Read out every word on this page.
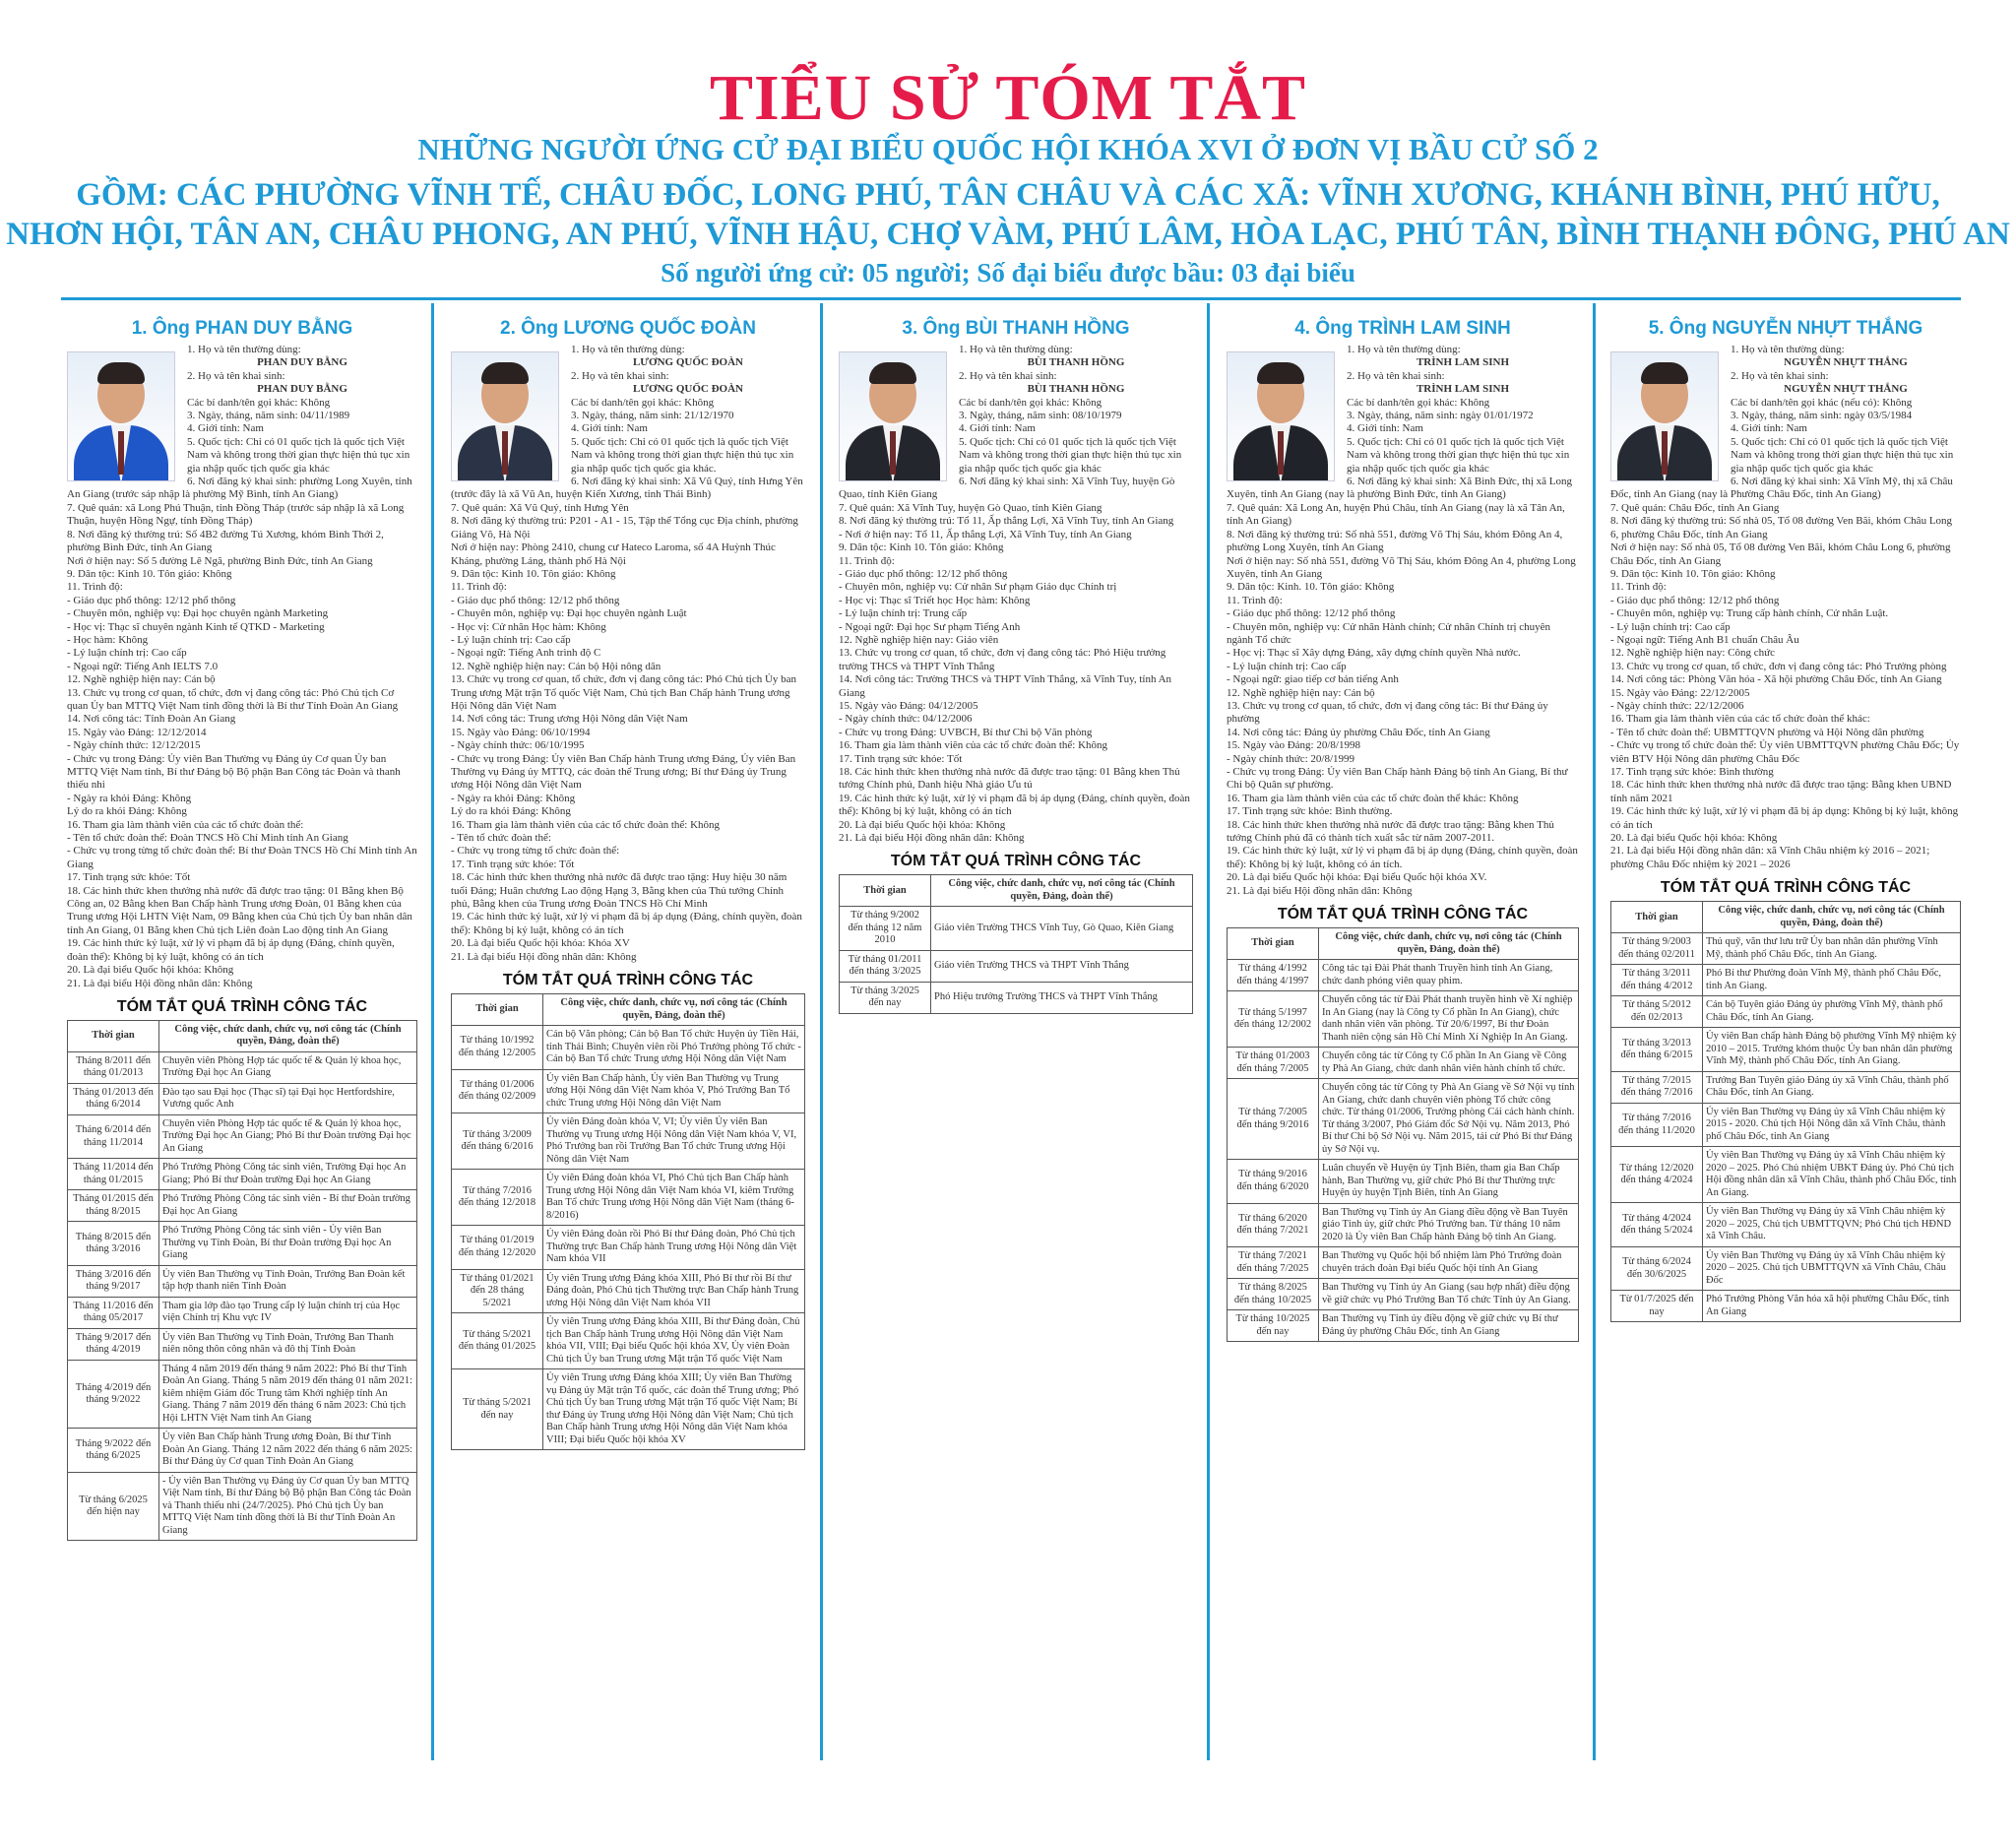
TIỂU SỬ TÓM TẮT
NHỮNG NGƯỜI ỨNG CỬ ĐẠI BIỂU QUỐC HỘI KHÓA XVI Ở ĐƠN VỊ BẦU CỬ SỐ 2
GỒM: CÁC PHƯỜNG VĨNH TẾ, CHÂU ĐỐC, LONG PHÚ, TÂN CHÂU VÀ CÁC XÃ: VĨNH XƯƠNG, KHÁNH BÌNH, PHÚ HỮU,
NHƠN HỘI, TÂN AN, CHÂU PHONG, AN PHÚ, VĨNH HẬU, CHỢ VÀM, PHÚ LÂM, HÒA LẠC, PHÚ TÂN, BÌNH THẠNH ĐÔNG, PHÚ AN
Số người ứng cử: 05 người; Số đại biểu được bầu: 03 đại biểu
1. Ông PHAN DUY BẰNG

1. Họ và tên thường dùng:

PHAN DUY BẰNG

2. Họ và tên khai sinh:

PHAN DUY BẰNG

Các bí danh/tên gọi khác: Không

3. Ngày, tháng, năm sinh: 04/11/1989

4. Giới tính: Nam

5. Quốc tịch: Chỉ có 01 quốc tịch là quốc tịch Việt Nam và không trong thời gian thực hiện thủ tục xin gia nhập quốc tịch quốc gia khác

6. Nơi đăng ký khai sinh: phường Long Xuyên, tỉnh An Giang (trước sáp nhập là phường Mỹ Bình, tỉnh An Giang)

7. Quê quán: xã Long Phú Thuận, tỉnh Đồng Tháp (trước sáp nhập là xã Long Thuận, huyện Hồng Ngự, tỉnh Đồng Tháp)

8. Nơi đăng ký thường trú: Số 4B2 đường Tú Xương, khóm Bình Thới 2, phường Bình Đức, tỉnh An Giang

Nơi ở hiện nay: Số 5 đường Lê Ngã, phường Bình Đức, tỉnh An Giang

9. Dân tộc: Kinh 10. Tôn giáo: Không

11. Trình độ:

- Giáo dục phổ thông: 12/12 phổ thông

- Chuyên môn, nghiệp vụ: Đại học chuyên ngành Marketing

- Học vị: Thạc sĩ chuyên ngành Kinh tế QTKD - Marketing

- Học hàm: Không

- Lý luận chính trị: Cao cấp

- Ngoại ngữ: Tiếng Anh IELTS 7.0

12. Nghề nghiệp hiện nay: Cán bộ

13. Chức vụ trong cơ quan, tổ chức, đơn vị đang công tác: Phó Chủ tịch Cơ quan Ủy ban MTTQ Việt Nam tỉnh đồng thời là Bí thư Tỉnh Đoàn An Giang

14. Nơi công tác: Tỉnh Đoàn An Giang

15. Ngày vào Đảng: 12/12/2014

- Ngày chính thức: 12/12/2015

- Chức vụ trong Đảng: Ủy viên Ban Thường vụ Đảng ủy Cơ quan Ủy ban MTTQ Việt Nam tỉnh, Bí thư Đảng bộ Bộ phận Ban Công tác Đoàn và thanh thiếu nhi

- Ngày ra khỏi Đảng: Không

Lý do ra khỏi Đảng: Không

16. Tham gia làm thành viên của các tổ chức đoàn thể:

- Tên tổ chức đoàn thể: Đoàn TNCS Hồ Chí Minh tỉnh An Giang

- Chức vụ trong từng tổ chức đoàn thể: Bí thư Đoàn TNCS Hồ Chí Minh tỉnh An Giang

17. Tình trạng sức khỏe: Tốt

18. Các hình thức khen thưởng nhà nước đã được trao tặng: 01 Bằng khen Bộ Công an, 02 Bằng khen Ban Chấp hành Trung ương Đoàn, 01 Bằng khen của Trung ương Hội LHTN Việt Nam, 09 Bằng khen của Chủ tịch Ủy ban nhân dân tỉnh An Giang, 01 Bằng khen Chủ tịch Liên đoàn Lao động tỉnh An Giang

19. Các hình thức kỷ luật, xử lý vi phạm đã bị áp dụng (Đảng, chính quyền, đoàn thể): Không bị kỷ luật, không có án tích

20. Là đại biểu Quốc hội khóa: Không

21. Là đại biểu Hội đồng nhân dân: Không

TÓM TẮT QUÁ TRÌNH CÔNG TÁC
Thời gian	Công việc, chức danh, chức vụ, nơi công tác (Chính quyền, Đảng, đoàn thể)
Tháng 8/2011 đến tháng 01/2013	Chuyên viên Phòng Hợp tác quốc tế & Quản lý khoa học, Trường Đại học An Giang
Tháng 01/2013 đến tháng 6/2014	Đào tạo sau Đại học (Thạc sĩ) tại Đại học Hertfordshire, Vương quốc Anh
Tháng 6/2014 đến tháng 11/2014	Chuyên viên Phòng Hợp tác quốc tế & Quản lý khoa học, Trường Đại học An Giang; Phó Bí thư Đoàn trường Đại học An Giang
Tháng 11/2014 đến tháng 01/2015	Phó Trưởng Phòng Công tác sinh viên, Trường Đại học An Giang; Phó Bí thư Đoàn trường Đại học An Giang
Tháng 01/2015 đến tháng 8/2015	Phó Trưởng Phòng Công tác sinh viên - Bí thư Đoàn trường Đại học An Giang
Tháng 8/2015 đến tháng 3/2016	Phó Trưởng Phòng Công tác sinh viên - Ủy viên Ban Thường vụ Tỉnh Đoàn, Bí thư Đoàn trường Đại học An Giang
Tháng 3/2016 đến tháng 9/2017	Ủy viên Ban Thường vụ Tỉnh Đoàn, Trưởng Ban Đoàn kết tập hợp thanh niên Tỉnh Đoàn
Tháng 11/2016 đến tháng 05/2017	Tham gia lớp đào tạo Trung cấp lý luận chính trị của Học viện Chính trị Khu vực IV
Tháng 9/2017 đến tháng 4/2019	Ủy viên Ban Thường vụ Tỉnh Đoàn, Trưởng Ban Thanh niên nông thôn công nhân và đô thị Tỉnh Đoàn
Tháng 4/2019 đến tháng 9/2022	Tháng 4 năm 2019 đến tháng 9 năm 2022: Phó Bí thư Tỉnh Đoàn An Giang. Tháng 5 năm 2019 đến tháng 01 năm 2021: kiêm nhiệm Giám đốc Trung tâm Khởi nghiệp tỉnh An Giang. Tháng 7 năm 2019 đến tháng 6 năm 2023: Chủ tịch Hội LHTN Việt Nam tỉnh An Giang
Tháng 9/2022 đến tháng 6/2025	Ủy viên Ban Chấp hành Trung ương Đoàn, Bí thư Tỉnh Đoàn An Giang. Tháng 12 năm 2022 đến tháng 6 năm 2025: Bí thư Đảng ủy Cơ quan Tỉnh Đoàn An Giang
Từ tháng 6/2025 đến hiện nay	- Ủy viên Ban Thường vụ Đảng ủy Cơ quan Ủy ban MTTQ Việt Nam tỉnh, Bí thư Đảng bộ Bộ phận Ban Công tác Đoàn và Thanh thiếu nhi (24/7/2025). Phó Chủ tịch Ủy ban MTTQ Việt Nam tỉnh đồng thời là Bí thư Tỉnh Đoàn An Giang
2. Ông LƯƠNG QUỐC ĐOÀN

1. Họ và tên thường dùng:

LƯƠNG QUỐC ĐOÀN

2. Họ và tên khai sinh:

LƯƠNG QUỐC ĐOÀN

Các bí danh/tên gọi khác: Không

3. Ngày, tháng, năm sinh: 21/12/1970

4. Giới tính: Nam

5. Quốc tịch: Chỉ có 01 quốc tịch là quốc tịch Việt Nam và không trong thời gian thực hiện thủ tục xin gia nhập quốc tịch quốc gia khác.

6. Nơi đăng ký khai sinh: Xã Vũ Quý, tỉnh Hưng Yên (trước đây là xã Vũ An, huyện Kiến Xương, tỉnh Thái Bình)

7. Quê quán: Xã Vũ Quý, tỉnh Hưng Yên

8. Nơi đăng ký thường trú: P201 - A1 - 15, Tập thể Tổng cục Địa chính, phường Giảng Võ, Hà Nội

Nơi ở hiện nay: Phòng 2410, chung cư Hateco Laroma, số 4A Huỳnh Thúc Kháng, phường Láng, thành phố Hà Nội

9. Dân tộc: Kinh 10. Tôn giáo: Không

11. Trình độ:

- Giáo dục phổ thông: 12/12 phổ thông

- Chuyên môn, nghiệp vụ: Đại học chuyên ngành Luật

- Học vị: Cử nhân Học hàm: Không

- Lý luận chính trị: Cao cấp

- Ngoại ngữ: Tiếng Anh trình độ C

12. Nghề nghiệp hiện nay: Cán bộ Hội nông dân

13. Chức vụ trong cơ quan, tổ chức, đơn vị đang công tác: Phó Chủ tịch Ủy ban Trung ương Mặt trận Tổ quốc Việt Nam, Chủ tịch Ban Chấp hành Trung ương Hội Nông dân Việt Nam

14. Nơi công tác: Trung ương Hội Nông dân Việt Nam

15. Ngày vào Đảng: 06/10/1994

- Ngày chính thức: 06/10/1995

- Chức vụ trong Đảng: Ủy viên Ban Chấp hành Trung ương Đảng, Ủy viên Ban Thường vụ Đảng ủy MTTQ, các đoàn thể Trung ương; Bí thư Đảng ủy Trung ương Hội Nông dân Việt Nam

- Ngày ra khỏi Đảng: Không

Lý do ra khỏi Đảng: Không

16. Tham gia làm thành viên của các tổ chức đoàn thể: Không

- Tên tổ chức đoàn thể:

- Chức vụ trong từng tổ chức đoàn thể:

17. Tình trạng sức khỏe: Tốt

18. Các hình thức khen thưởng nhà nước đã được trao tặng: Huy hiệu 30 năm tuổi Đảng; Huân chương Lao động Hạng 3, Bằng khen của Thủ tướng Chính phủ, Bằng khen của Trung ương Đoàn TNCS Hồ Chí Minh

19. Các hình thức kỷ luật, xử lý vi phạm đã bị áp dụng (Đảng, chính quyền, đoàn thể): Không bị kỷ luật, không có án tích

20. Là đại biểu Quốc hội khóa: Khóa XV

21. Là đại biểu Hội đồng nhân dân: Không

TÓM TẮT QUÁ TRÌNH CÔNG TÁC
Thời gian	Công việc, chức danh, chức vụ, nơi công tác (Chính quyền, Đảng, đoàn thể)
Từ tháng 10/1992 đến tháng 12/2005	Cán bộ Văn phòng; Cán bộ Ban Tổ chức Huyện ủy Tiền Hải, tỉnh Thái Bình; Chuyên viên rồi Phó Trưởng phòng Tổ chức - Cán bộ Ban Tổ chức Trung ương Hội Nông dân Việt Nam
Từ tháng 01/2006 đến tháng 02/2009	Ủy viên Ban Chấp hành, Ủy viên Ban Thường vụ Trung ương Hội Nông dân Việt Nam khóa V, Phó Trưởng Ban Tổ chức Trung ương Hội Nông dân Việt Nam
Từ tháng 3/2009 đến tháng 6/2016	Ủy viên Đảng đoàn khóa V, VI; Ủy viên Ủy viên Ban Thường vụ Trung ương Hội Nông dân Việt Nam khóa V, VI, Phó Trưởng ban rồi Trưởng Ban Tổ chức Trung ương Hội Nông dân Việt Nam
Từ tháng 7/2016 đến tháng 12/2018	Ủy viên Đảng đoàn khóa VI, Phó Chủ tịch Ban Chấp hành Trung ương Hội Nông dân Việt Nam khóa VI, kiêm Trưởng Ban Tổ chức Trung ương Hội Nông dân Việt Nam (tháng 6-8/2016)
Từ tháng 01/2019 đến tháng 12/2020	Ủy viên Đảng đoàn rồi Phó Bí thư Đảng đoàn, Phó Chủ tịch Thường trực Ban Chấp hành Trung ương Hội Nông dân Việt Nam khóa VII
Từ tháng 01/2021 đến 28 tháng 5/2021	Ủy viên Trung ương Đảng khóa XIII, Phó Bí thư rồi Bí thư Đảng đoàn, Phó Chủ tịch Thường trực Ban Chấp hành Trung ương Hội Nông dân Việt Nam khóa VII
Từ tháng 5/2021 đến tháng 01/2025	Ủy viên Trung ương Đảng khóa XIII, Bí thư Đảng đoàn, Chủ tịch Ban Chấp hành Trung ương Hội Nông dân Việt Nam khóa VII, VIII; Đại biểu Quốc hội khóa XV, Ủy viên Đoàn Chủ tịch Ủy ban Trung ương Mặt trận Tổ quốc Việt Nam
Từ tháng 5/2021 đến nay	Ủy viên Trung ương Đảng khóa XIII; Ủy viên Ban Thường vụ Đảng ủy Mặt trận Tổ quốc, các đoàn thể Trung ương; Phó Chủ tịch Ủy ban Trung ương Mặt trận Tổ quốc Việt Nam; Bí thư Đảng ủy Trung ương Hội Nông dân Việt Nam; Chủ tịch Ban Chấp hành Trung ương Hội Nông dân Việt Nam khóa VIII; Đại biểu Quốc hội khóa XV
3. Ông BÙI THANH HỒNG

1. Họ và tên thường dùng:

BÙI THANH HỒNG

2. Họ và tên khai sinh:

BÙI THANH HỒNG

Các bí danh/tên gọi khác: Không

3. Ngày, tháng, năm sinh: 08/10/1979

4. Giới tính: Nam

5. Quốc tịch: Chỉ có 01 quốc tịch là quốc tịch Việt Nam và không trong thời gian thực hiện thủ tục xin gia nhập quốc tịch quốc gia khác

6. Nơi đăng ký khai sinh: Xã Vĩnh Tuy, huyện Gò Quao, tỉnh Kiên Giang

7. Quê quán: Xã Vĩnh Tuy, huyện Gò Quao, tỉnh Kiên Giang

8. Nơi đăng ký thường trú: Tổ 11, Ấp thắng Lợi, Xã Vĩnh Tuy, tỉnh An Giang

- Nơi ở hiện nay: Tổ 11, Ấp thắng Lợi, Xã Vĩnh Tuy, tỉnh An Giang

9. Dân tộc: Kinh 10. Tôn giáo: Không

11. Trình độ:

- Giáo dục phổ thông: 12/12 phổ thông

- Chuyên môn, nghiệp vụ: Cử nhân Sư phạm Giáo dục Chính trị

- Học vị: Thạc sĩ Triết học Học hàm: Không

- Lý luận chính trị: Trung cấp

- Ngoại ngữ: Đại học Sư phạm Tiếng Anh

12. Nghề nghiệp hiện nay: Giáo viên

13. Chức vụ trong cơ quan, tổ chức, đơn vị đang công tác: Phó Hiệu trưởng trường THCS và THPT Vĩnh Thắng

14. Nơi công tác: Trường THCS và THPT Vĩnh Thắng, xã Vĩnh Tuy, tỉnh An Giang

15. Ngày vào Đảng: 04/12/2005

- Ngày chính thức: 04/12/2006

- Chức vụ trong Đảng: UVBCH, Bí thư Chi bộ Văn phòng

16. Tham gia làm thành viên của các tổ chức đoàn thể: Không

17. Tình trạng sức khỏe: Tốt

18. Các hình thức khen thưởng nhà nước đã được trao tặng: 01 Bằng khen Thủ tướng Chính phủ, Danh hiệu Nhà giáo Ưu tú

19. Các hình thức kỷ luật, xử lý vi phạm đã bị áp dụng (Đảng, chính quyền, đoàn thể): Không bị kỷ luật, không có án tích

20. Là đại biểu Quốc hội khóa: Không

21. Là đại biểu Hội đồng nhân dân: Không

TÓM TẮT QUÁ TRÌNH CÔNG TÁC
Thời gian	Công việc, chức danh, chức vụ, nơi công tác (Chính quyền, Đảng, đoàn thể)
Từ tháng 9/2002 đến tháng 12 năm 2010	Giáo viên Trường THCS Vĩnh Tuy, Gò Quao, Kiên Giang
Từ tháng 01/2011 đến tháng 3/2025	Giáo viên Trường THCS và THPT Vĩnh Thắng
Từ tháng 3/2025 đến nay	Phó Hiệu trưởng Trường THCS và THPT Vĩnh Thắng
4. Ông TRÌNH LAM SINH

1. Họ và tên thường dùng:

TRÌNH LAM SINH

2. Họ và tên khai sinh:

TRÌNH LAM SINH

Các bí danh/tên gọi khác: Không

3. Ngày, tháng, năm sinh: ngày 01/01/1972

4. Giới tính: Nam

5. Quốc tịch: Chỉ có 01 quốc tịch là quốc tịch Việt Nam và không trong thời gian thực hiện thủ tục xin gia nhập quốc tịch quốc gia khác

6. Nơi đăng ký khai sinh: Xã Bình Đức, thị xã Long Xuyên, tỉnh An Giang (nay là phường Bình Đức, tỉnh An Giang)

7. Quê quán: Xã Long An, huyện Phú Châu, tỉnh An Giang (nay là xã Tân An, tỉnh An Giang)

8. Nơi đăng ký thường trú: Số nhà 551, đường Võ Thị Sáu, khóm Đông An 4, phường Long Xuyên, tỉnh An Giang

Nơi ở hiện nay: Số nhà 551, đường Võ Thị Sáu, khóm Đông An 4, phường Long Xuyên, tỉnh An Giang

9. Dân tộc: Kinh. 10. Tôn giáo: Không

11. Trình độ:

- Giáo dục phổ thông: 12/12 phổ thông

- Chuyên môn, nghiệp vụ: Cử nhân Hành chính; Cử nhân Chính trị chuyên ngành Tổ chức

- Học vị: Thạc sĩ Xây dựng Đảng, xây dựng chính quyền Nhà nước.

- Lý luận chính trị: Cao cấp

- Ngoại ngữ: giao tiếp cơ bản tiếng Anh

12. Nghề nghiệp hiện nay: Cán bộ

13. Chức vụ trong cơ quan, tổ chức, đơn vị đang công tác: Bí thư Đảng ủy phường

14. Nơi công tác: Đảng ủy phường Châu Đốc, tỉnh An Giang

15. Ngày vào Đảng: 20/8/1998

- Ngày chính thức: 20/8/1999

- Chức vụ trong Đảng: Ủy viên Ban Chấp hành Đảng bộ tỉnh An Giang, Bí thư Chi bộ Quân sự phường.

16. Tham gia làm thành viên của các tổ chức đoàn thể khác: Không

17. Tình trạng sức khỏe: Bình thường.

18. Các hình thức khen thưởng nhà nước đã được trao tặng: Bằng khen Thủ tướng Chính phủ đã có thành tích xuất sắc từ năm 2007-2011.

19. Các hình thức kỷ luật, xử lý vi phạm đã bị áp dụng (Đảng, chính quyền, đoàn thể): Không bị kỷ luật, không có án tích.

20. Là đại biểu Quốc hội khóa: Đại biểu Quốc hội khóa XV.

21. Là đại biểu Hội đồng nhân dân: Không

TÓM TẮT QUÁ TRÌNH CÔNG TÁC
Thời gian	Công việc, chức danh, chức vụ, nơi công tác (Chính quyền, Đảng, đoàn thể)
Từ tháng 4/1992 đến tháng 4/1997	Công tác tại Đài Phát thanh Truyền hình tỉnh An Giang, chức danh phóng viên quay phim.
Từ tháng 5/1997 đến tháng 12/2002	Chuyển công tác từ Đài Phát thanh truyền hình về Xí nghiệp In An Giang (nay là Công ty Cổ phần In An Giang), chức danh nhân viên văn phòng. Từ 20/6/1997, Bí thư Đoàn Thanh niên cộng sản Hồ Chí Minh Xí Nghiệp In An Giang.
Từ tháng 01/2003 đến tháng 7/2005	Chuyển công tác từ Công ty Cổ phần In An Giang về Công ty Phà An Giang, chức danh nhân viên hành chính tổ chức.
Từ tháng 7/2005 đến tháng 9/2016	Chuyển công tác từ Công ty Phà An Giang về Sở Nội vụ tỉnh An Giang, chức danh chuyên viên phòng Tổ chức công chức. Từ tháng 01/2006, Trưởng phòng Cải cách hành chính. Từ tháng 3/2007, Phó Giám đốc Sở Nội vụ. Năm 2013, Phó Bí thư Chi bộ Sở Nội vụ. Năm 2015, tái cử Phó Bí thư Đảng ủy Sở Nội vụ.
Từ tháng 9/2016 đến tháng 6/2020	Luân chuyển về Huyện ủy Tịnh Biên, tham gia Ban Chấp hành, Ban Thường vụ, giữ chức Phó Bí thư Thường trực Huyện ủy huyện Tịnh Biên, tỉnh An Giang
Từ tháng 6/2020 đến tháng 7/2021	Ban Thường vụ Tỉnh ủy An Giang điều động về Ban Tuyên giáo Tỉnh ủy, giữ chức Phó Trưởng ban. Từ tháng 10 năm 2020 là Ủy viên Ban Chấp hành Đảng bộ tỉnh An Giang.
Từ tháng 7/2021 đến tháng 7/2025	Ban Thường vụ Quốc hội bổ nhiệm làm Phó Trưởng đoàn chuyên trách đoàn Đại biểu Quốc hội tỉnh An Giang
Từ tháng 8/2025 đến tháng 10/2025	Ban Thường vụ Tỉnh ủy An Giang (sau hợp nhất) điều động về giữ chức vụ Phó Trưởng Ban Tổ chức Tỉnh ủy An Giang.
Từ tháng 10/2025 đến nay	Ban Thường vụ Tỉnh ủy điều động về giữ chức vụ Bí thư Đảng ủy phường Châu Đốc, tỉnh An Giang
5. Ông NGUYỄN NHỰT THẮNG

1. Họ và tên thường dùng:

NGUYỄN NHỰT THẮNG

2. Họ và tên khai sinh:

NGUYỄN NHỰT THẮNG

Các bí danh/tên gọi khác (nếu có): Không

3. Ngày, tháng, năm sinh: ngày 03/5/1984

4. Giới tính: Nam

5. Quốc tịch: Chỉ có 01 quốc tịch là quốc tịch Việt Nam và không trong thời gian thực hiện thủ tục xin gia nhập quốc tịch quốc gia khác

6. Nơi đăng ký khai sinh: Xã Vĩnh Mỹ, thị xã Châu Đốc, tỉnh An Giang (nay là Phường Châu Đốc, tỉnh An Giang)

7. Quê quán: Châu Đốc, tỉnh An Giang

8. Nơi đăng ký thường trú: Số nhà 05, Tổ 08 đường Ven Bãi, khóm Châu Long 6, phường Châu Đốc, tỉnh An Giang

Nơi ở hiện nay: Số nhà 05, Tổ 08 đường Ven Bãi, khóm Châu Long 6, phường Châu Đốc, tỉnh An Giang

9. Dân tộc: Kinh 10. Tôn giáo: Không

11. Trình độ:

- Giáo dục phổ thông: 12/12 phổ thông

- Chuyên môn, nghiệp vụ: Trung cấp hành chính, Cử nhân Luật.

- Lý luận chính trị: Cao cấp

- Ngoại ngữ: Tiếng Anh B1 chuẩn Châu Âu

12. Nghề nghiệp hiện nay: Công chức

13. Chức vụ trong cơ quan, tổ chức, đơn vị đang công tác: Phó Trưởng phòng

14. Nơi công tác: Phòng Văn hóa - Xã hội phường Châu Đốc, tỉnh An Giang

15. Ngày vào Đảng: 22/12/2005

- Ngày chính thức: 22/12/2006

16. Tham gia làm thành viên của các tổ chức đoàn thể khác:

- Tên tổ chức đoàn thể: UBMTTQVN phường và Hội Nông dân phường

- Chức vụ trong tổ chức đoàn thể: Ủy viên UBMTTQVN phường Châu Đốc; Ủy viên BTV Hội Nông dân phường Châu Đốc

17. Tình trạng sức khỏe: Bình thường

18. Các hình thức khen thưởng nhà nước đã được trao tặng: Bằng khen UBND tỉnh năm 2021

19. Các hình thức kỷ luật, xử lý vi phạm đã bị áp dụng: Không bị kỷ luật, không có án tích

20. Là đại biểu Quốc hội khóa: Không

21. Là đại biểu Hội đồng nhân dân: xã Vĩnh Châu nhiệm kỳ 2016 – 2021; phường Châu Đốc nhiệm kỳ 2021 – 2026

TÓM TẮT QUÁ TRÌNH CÔNG TÁC
Thời gian	Công việc, chức danh, chức vụ, nơi công tác (Chính quyền, Đảng, đoàn thể)
Từ tháng 9/2003 đến tháng 02/2011	Thủ quỹ, văn thư lưu trữ Ủy ban nhân dân phường Vĩnh Mỹ, thành phố Châu Đốc, tỉnh An Giang.
Từ tháng 3/2011 đến tháng 4/2012	Phó Bí thư Phường đoàn Vĩnh Mỹ, thành phố Châu Đốc, tỉnh An Giang.
Từ tháng 5/2012 đến 02/2013	Cán bộ Tuyên giáo Đảng ủy phường Vĩnh Mỹ, thành phố Châu Đốc, tỉnh An Giang.
Từ tháng 3/2013 đến tháng 6/2015	Ủy viên Ban chấp hành Đảng bộ phường Vĩnh Mỹ nhiệm kỳ 2010 – 2015. Trưởng khóm thuộc Ủy ban nhân dân phường Vĩnh Mỹ, thành phố Châu Đốc, tỉnh An Giang.
Từ tháng 7/2015 đến tháng 7/2016	Trưởng Ban Tuyên giáo Đảng ủy xã Vĩnh Châu, thành phố Châu Đốc, tỉnh An Giang.
Từ tháng 7/2016 đến tháng 11/2020	Ủy viên Ban Thường vụ Đảng ủy xã Vĩnh Châu nhiệm kỳ 2015 - 2020. Chủ tịch Hội Nông dân xã Vĩnh Châu, thành phố Châu Đốc, tỉnh An Giang
Từ tháng 12/2020 đến tháng 4/2024	Ủy viên Ban Thường vụ Đảng ủy xã Vĩnh Châu nhiệm kỳ 2020 – 2025. Phó Chủ nhiệm UBKT Đảng ủy. Phó Chủ tịch Hội đồng nhân dân xã Vĩnh Châu, thành phố Châu Đốc, tỉnh An Giang.
Từ tháng 4/2024 đến tháng 5/2024	Ủy viên Ban Thường vụ Đảng ủy xã Vĩnh Châu nhiệm kỳ 2020 – 2025, Chủ tịch UBMTTQVN; Phó Chủ tịch HĐND xã Vĩnh Châu.
Từ tháng 6/2024 đến 30/6/2025	Ủy viên Ban Thường vụ Đảng ủy xã Vĩnh Châu nhiệm kỳ 2020 – 2025. Chủ tịch UBMTTQVN xã Vĩnh Châu, Châu Đốc
Từ 01/7/2025 đến nay	Phó Trưởng Phòng Văn hóa xã hội phường Châu Đốc, tỉnh An Giang
